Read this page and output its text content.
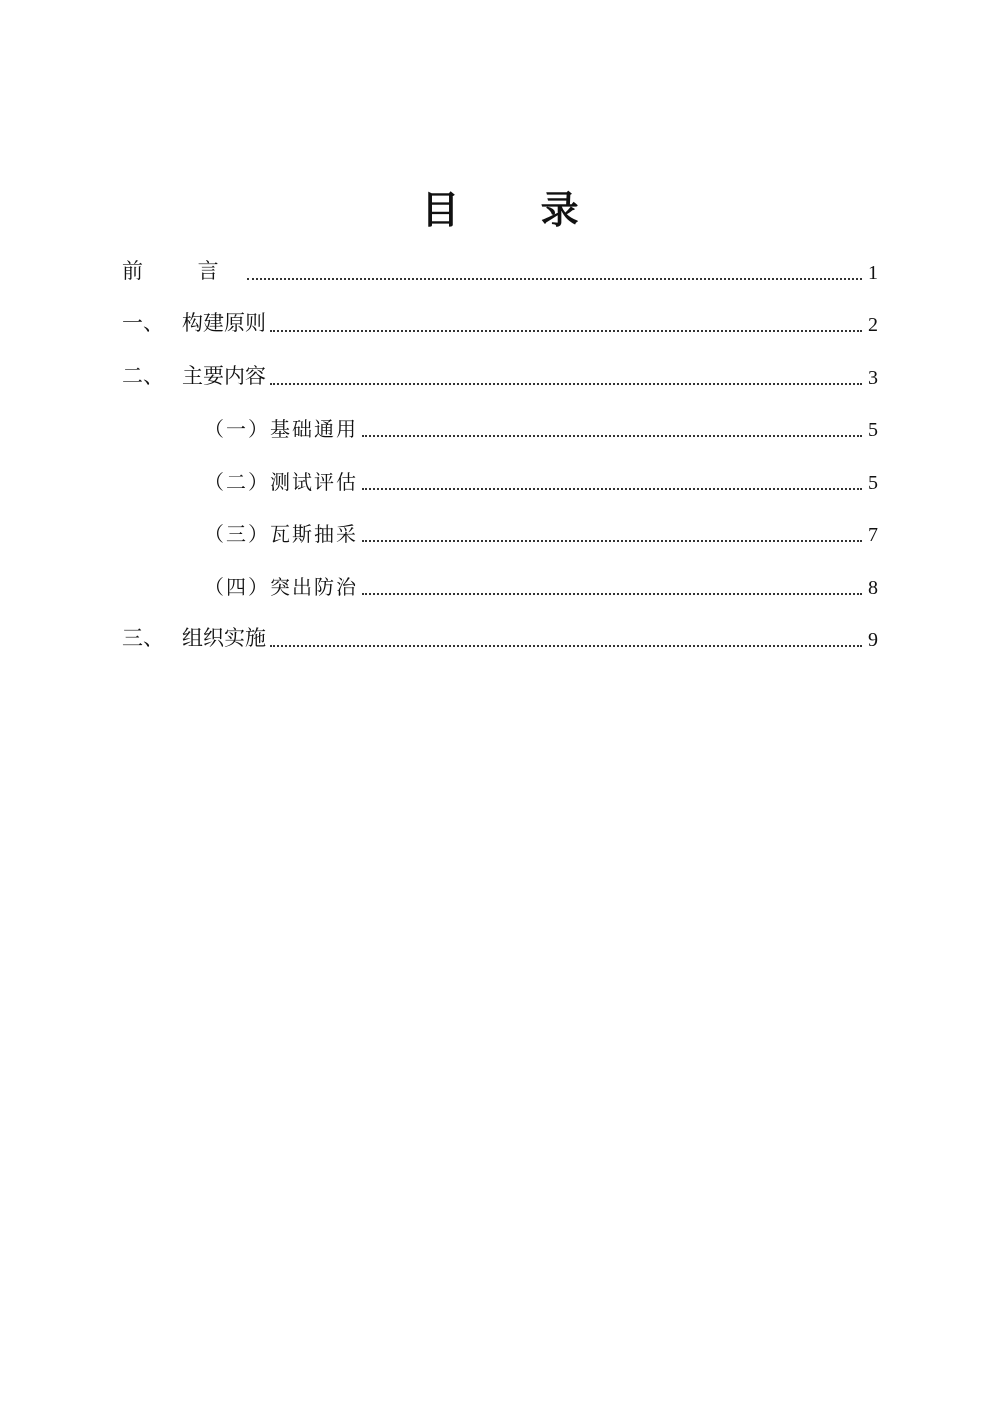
目 录
前 言	1
一、 构建原则	2
二、 主要内容	3
（一） 基础通用	5
（二） 测试评估	5
（三） 瓦斯抽采	7
（四） 突出防治	8
三、 组织实施	9
